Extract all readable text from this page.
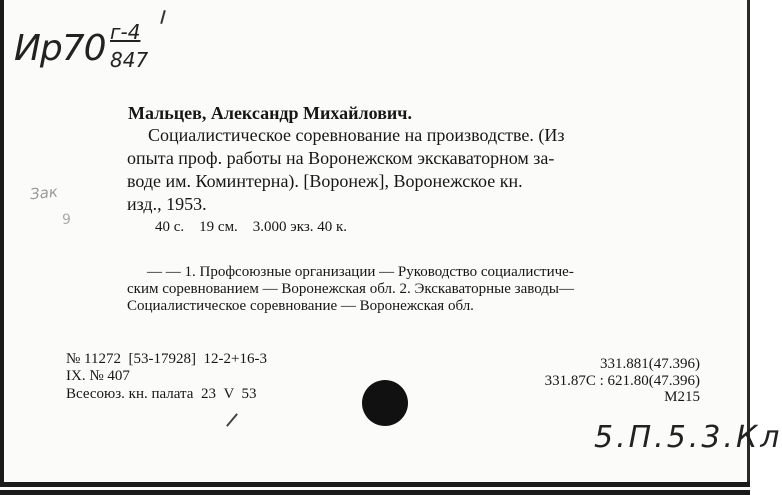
Ир70 г-4
847
Зак
9
Мальцев, Александр Михайлович.
Социалистическое соревнование на производстве. (Из
опыта проф. работы на Воронежском экскаваторном за-
воде им. Коминтерна). [Воронеж], Воронежское кн.
изд., 1953.
40 с.    19 см.    3.000 экз. 40 к.
— — 1. Профсоюзные организации — Руководство социалистиче-
ским соревнованием — Воронежская обл. 2. Экскаваторные заводы—
Социалистическое соревнование — Воронежская обл.
№ 11272  [53-17928]  12-2+16-3
IX. № 407
Всесоюз. кн. палата  23  V  53
331.881(47.396)
331.87С : 621.80(47.396)
М215
5.П.5.3.Кл
